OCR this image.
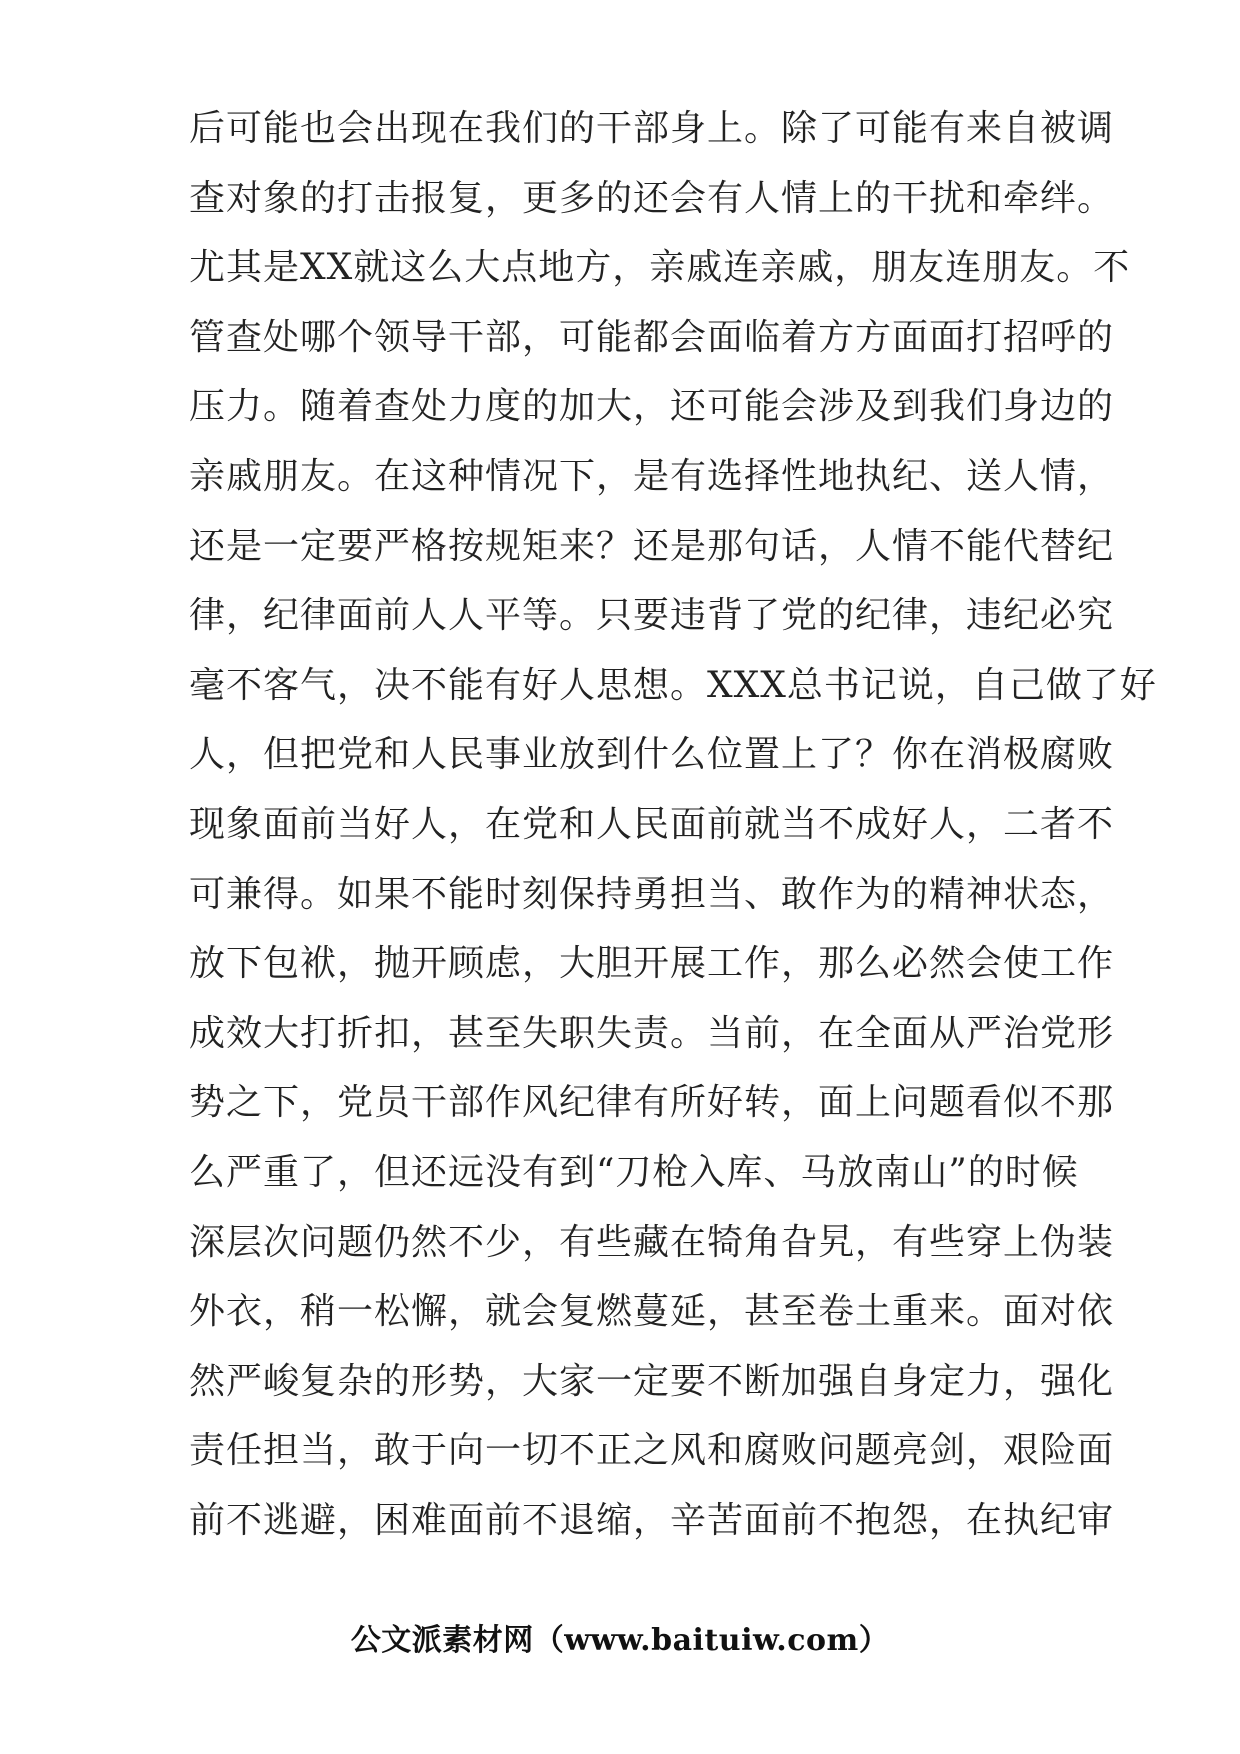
后可能也会出现在我们的干部身上。除了可能有来自被调
查对象的打击报复，更多的还会有人情上的干扰和牵绊。
尤其是XX就这么大点地方，亲戚连亲戚，朋友连朋友。不
管查处哪个领导干部，可能都会面临着方方面面打招呼的
压力。随着查处力度的加大，还可能会涉及到我们身边的
亲戚朋友。在这种情况下，是有选择性地执纪、送人情，
还是一定要严格按规矩来？还是那句话，人情不能代替纪
律，纪律面前人人平等。只要违背了党的纪律，违纪必究
毫不客气，决不能有好人思想。XXX总书记说，自己做了好
人，但把党和人民事业放到什么位置上了？你在消极腐败
现象面前当好人，在党和人民面前就当不成好人，二者不
可兼得。如果不能时刻保持勇担当、敢作为的精神状态，
放下包袱，抛开顾虑，大胆开展工作，那么必然会使工作
成效大打折扣，甚至失职失责。当前，在全面从严治党形
势之下，党员干部作风纪律有所好转，面上问题看似不那
么严重了，但还远没有到“刀枪入库、马放南山”的时候
深层次问题仍然不少，有些藏在犄角旮旯，有些穿上伪装
外衣，稍一松懈，就会复燃蔓延，甚至卷土重来。面对依
然严峻复杂的形势，大家一定要不断加强自身定力，强化
责任担当，敢于向一切不正之风和腐败问题亮剑，艰险面
前不逃避，困难面前不退缩，辛苦面前不抱怨，在执纪审
公文派素材网（www.baituiw.com）
